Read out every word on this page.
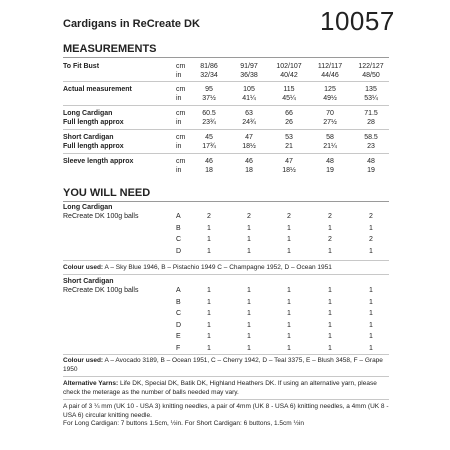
Cardigans in ReCreate DK	10057
MEASUREMENTS
To Fit Bust	cm	81/86	91/97	102/107	112/117	122/127
in	32/34	36/38	40/42	44/46	48/50
Actual measurement	cm	95	105	115	125	135
in	37½	41¼	45¼	49½	53¼
Long Cardigan
Full length approx
cm	60.5	63	66	70	71.5
in	23¾	24¾	26	27½	28
Short Cardigan
Full length approx
cm	45	47	53	58	58.5
in	17¾	18½	21	21¼	23
Sleeve length approx	cm	46	46	47	48	48
in	18	18	18½	19	19
YOU WILL NEED
Long Cardigan
ReCreate DK 100g balls	A	2	2	2	2	2
B	1	1	1	1	1
C	1	1	1	2	2
D	1	1	1	1	1
Colour used: A – Sky Blue 1946, B – Pistachio 1949 C – Champagne 1952, D – Ocean 1951
Short Cardigan
ReCreate DK 100g balls	A	1	1	1	1	1
B	1	1	1	1	1
C	1	1	1	1	1
D	1	1	1	1	1
E	1	1	1	1	1
F	1	1	1	1	1
Colour used: A – Avocado 3189, B – Ocean 1951, C – Cherry 1942, D – Teal 3375, E – Blush 3458, F – Grape 1950
Alternative Yarns: Life DK, Special DK, Batik DK, Highland Heathers DK. If using an alternative yarn, please check the meterage as the number of balls needed may vary.
A pair of 3 ¼ mm (UK 10 - USA 3) knitting needles, a pair of 4mm (UK 8 - USA 6) knitting needles, a 4mm (UK 8 - USA 6) circular knitting needle.
For Long Cardigan: 7 buttons 1.5cm, ½in. For Short Cardigan: 6 buttons, 1.5cm ½in
